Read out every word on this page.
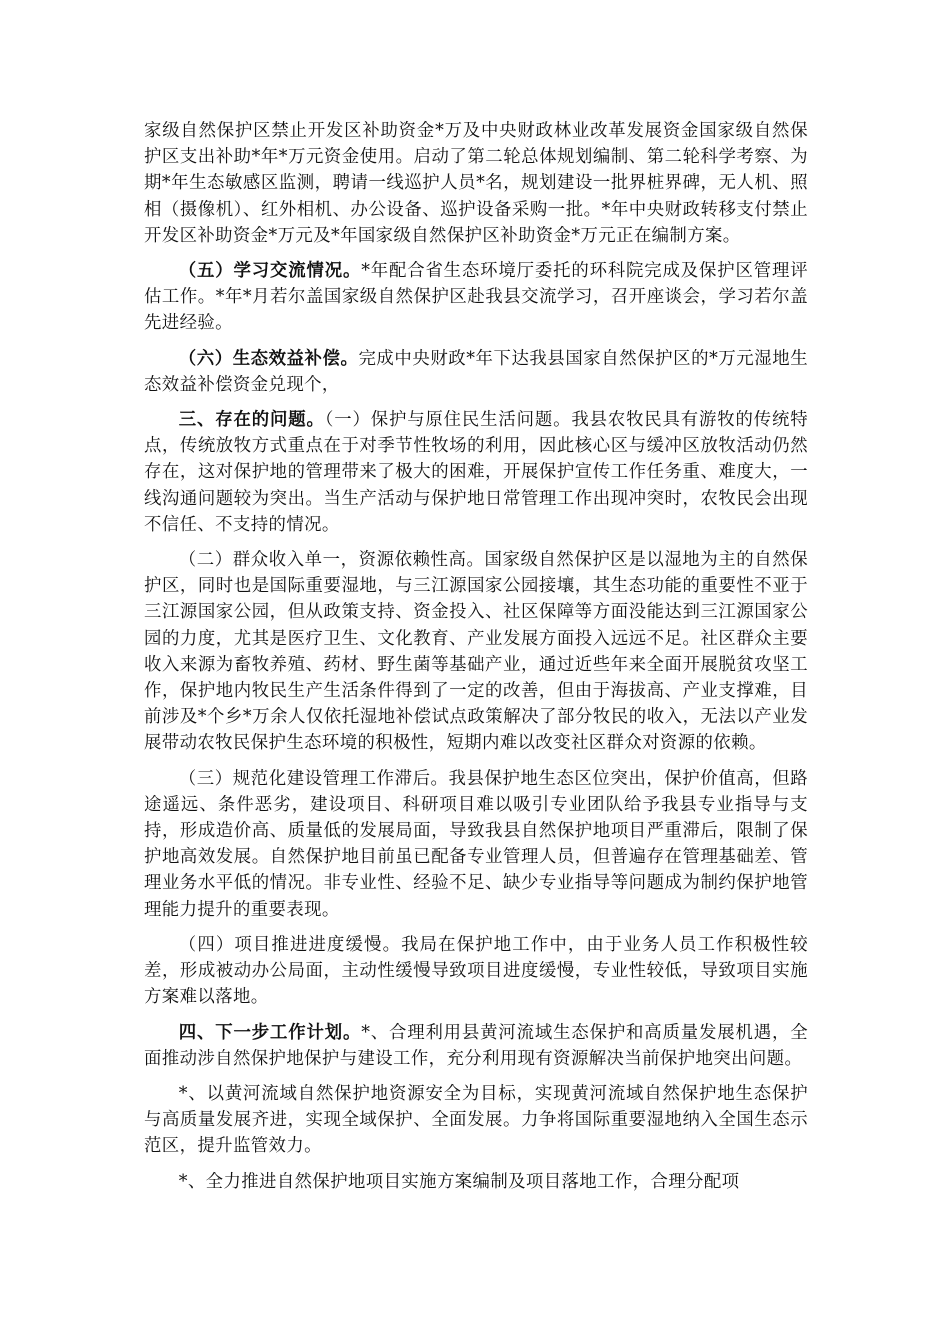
家级自然保护区禁止开发区补助资金*万及中央财政林业改革发展资金国家级自然保护区支出补助*年*万元资金使用。启动了第二轮总体规划编制、第二轮科学考察、为期*年生态敏感区监测，聘请一线巡护人员*名，规划建设一批界桩界碑，无人机、照相（摄像机）、红外相机、办公设备、巡护设备采购一批。*年中央财政转移支付禁止开发区补助资金*万元及*年国家级自然保护区补助资金*万元正在编制方案。

（五）学习交流情况。*年配合省生态环境厅委托的环科院完成及保护区管理评估工作。*年*月若尔盖国家级自然保护区赴我县交流学习，召开座谈会，学习若尔盖先进经验。

（六）生态效益补偿。完成中央财政*年下达我县国家自然保护区的*万元湿地生态效益补偿资金兑现个，

三、存在的问题。（一）保护与原住民生活问题。我县农牧民具有游牧的传统特点，传统放牧方式重点在于对季节性牧场的利用，因此核心区与缓冲区放牧活动仍然存在，这对保护地的管理带来了极大的困难，开展保护宣传工作任务重、难度大，一线沟通问题较为突出。当生产活动与保护地日常管理工作出现冲突时，农牧民会出现不信任、不支持的情况。

（二）群众收入单一，资源依赖性高。国家级自然保护区是以湿地为主的自然保护区，同时也是国际重要湿地，与三江源国家公园接壤，其生态功能的重要性不亚于三江源国家公园，但从政策支持、资金投入、社区保障等方面没能达到三江源国家公园的力度，尤其是医疗卫生、文化教育、产业发展方面投入远远不足。社区群众主要收入来源为畜牧养殖、药材、野生菌等基础产业，通过近些年来全面开展脱贫攻坚工作，保护地内牧民生产生活条件得到了一定的改善，但由于海拔高、产业支撑难，目前涉及*个乡*万余人仅依托湿地补偿试点政策解决了部分牧民的收入，无法以产业发展带动农牧民保护生态环境的积极性，短期内难以改变社区群众对资源的依赖。

（三）规范化建设管理工作滞后。我县保护地生态区位突出，保护价值高，但路途遥远、条件恶劣，建设项目、科研项目难以吸引专业团队给予我县专业指导与支持，形成造价高、质量低的发展局面，导致我县自然保护地项目严重滞后，限制了保护地高效发展。自然保护地目前虽已配备专业管理人员，但普遍存在管理基础差、管理业务水平低的情况。非专业性、经验不足、缺少专业指导等问题成为制约保护地管理能力提升的重要表现。

（四）项目推进进度缓慢。我局在保护地工作中，由于业务人员工作积极性较差，形成被动办公局面，主动性缓慢导致项目进度缓慢，专业性较低，导致项目实施方案难以落地。

四、下一步工作计划。*、合理利用县黄河流域生态保护和高质量发展机遇，全面推动涉自然保护地保护与建设工作，充分利用现有资源解决当前保护地突出问题。

*、以黄河流域自然保护地资源安全为目标，实现黄河流域自然保护地生态保护与高质量发展齐进，实现全域保护、全面发展。力争将国际重要湿地纳入全国生态示范区，提升监管效力。

*、全力推进自然保护地项目实施方案编制及项目落地工作，合理分配项
